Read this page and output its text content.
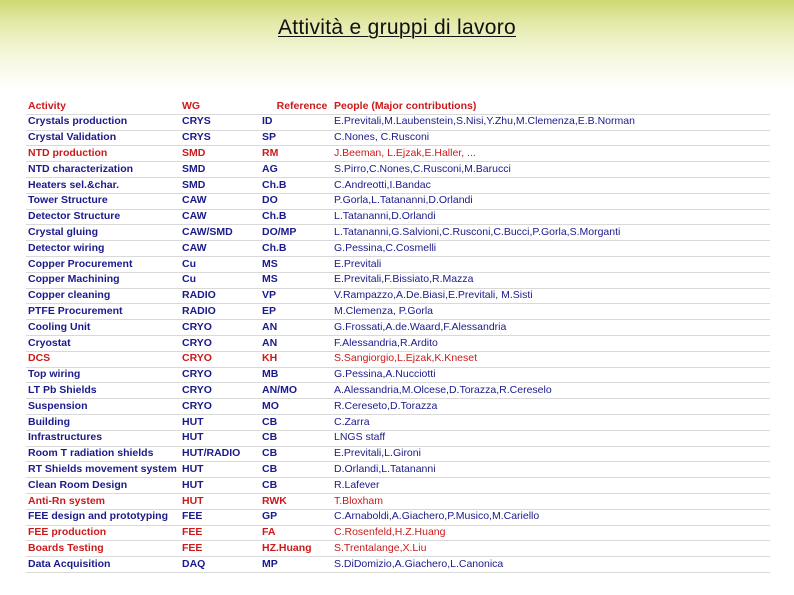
Attività e gruppi di lavoro
Activity	WG	Reference	People (Major contributions)
Crystals production	CRYS	ID	E.Previtali,M.Laubenstein,S.Nisi,Y.Zhu,M.Clemenza,E.B.Norman
Crystal Validation	CRYS	SP	C.Nones, C.Rusconi
NTD production	SMD	RM	J.Beeman, L.Ejzak,E.Haller, ...
NTD characterization	SMD	AG	S.Pirro,C.Nones,C.Rusconi,M.Barucci
Heaters sel.&char.	SMD	Ch.B	C.Andreotti,I.Bandac
Tower Structure	CAW	DO	P.Gorla,L.Tatananni,D.Orlandi
Detector Structure	CAW	Ch.B	L.Tatananni,D.Orlandi
Crystal gluing	CAW/SMD	DO/MP	L.Tatananni,G.Salvioni,C.Rusconi,C.Bucci,P.Gorla,S.Morganti
Detector wiring	CAW	Ch.B	G.Pessina,C.Cosmelli
Copper Procurement	Cu	MS	E.Previtali
Copper Machining	Cu	MS	E.Previtali,F.Bissiato,R.Mazza
Copper cleaning	RADIO	VP	V.Rampazzo,A.De.Biasi,E.Previtali, M.Sisti
PTFE Procurement	RADIO	EP	M.Clemenza, P.Gorla
Cooling Unit	CRYO	AN	G.Frossati,A.de.Waard,F.Alessandria
Cryostat	CRYO	AN	F.Alessandria,R.Ardito
DCS	CRYO	KH	S.Sangiorgio,L.Ejzak,K.Kneset
Top wiring	CRYO	MB	G.Pessina,A.Nucciotti
LT Pb Shields	CRYO	AN/MO	A.Alessandria,M.Olcese,D.Torazza,R.Cereselo
Suspension	CRYO	MO	R.Cereseto,D.Torazza
Building	HUT	CB	C.Zarra
Infrastructures	HUT	CB	LNGS staff
Room T radiation shields	HUT/RADIO	CB	E.Previtali,L.Gironi
RT Shields movement system	HUT	CB	D.Orlandi,L.Tatananni
Clean Room Design	HUT	CB	R.Lafever
Anti-Rn system	HUT	RWK	T.Bloxham
FEE design and prototyping	FEE	GP	C.Arnaboldi,A.Giachero,P.Musico,M.Cariello
FEE production	FEE	FA	C.Rosenfeld,H.Z.Huang
Boards Testing	FEE	HZ.Huang	S.Trentalange,X.Liu
Data Acquisition	DAQ	MP	S.DiDomizio,A.Giachero,L.Canonica
